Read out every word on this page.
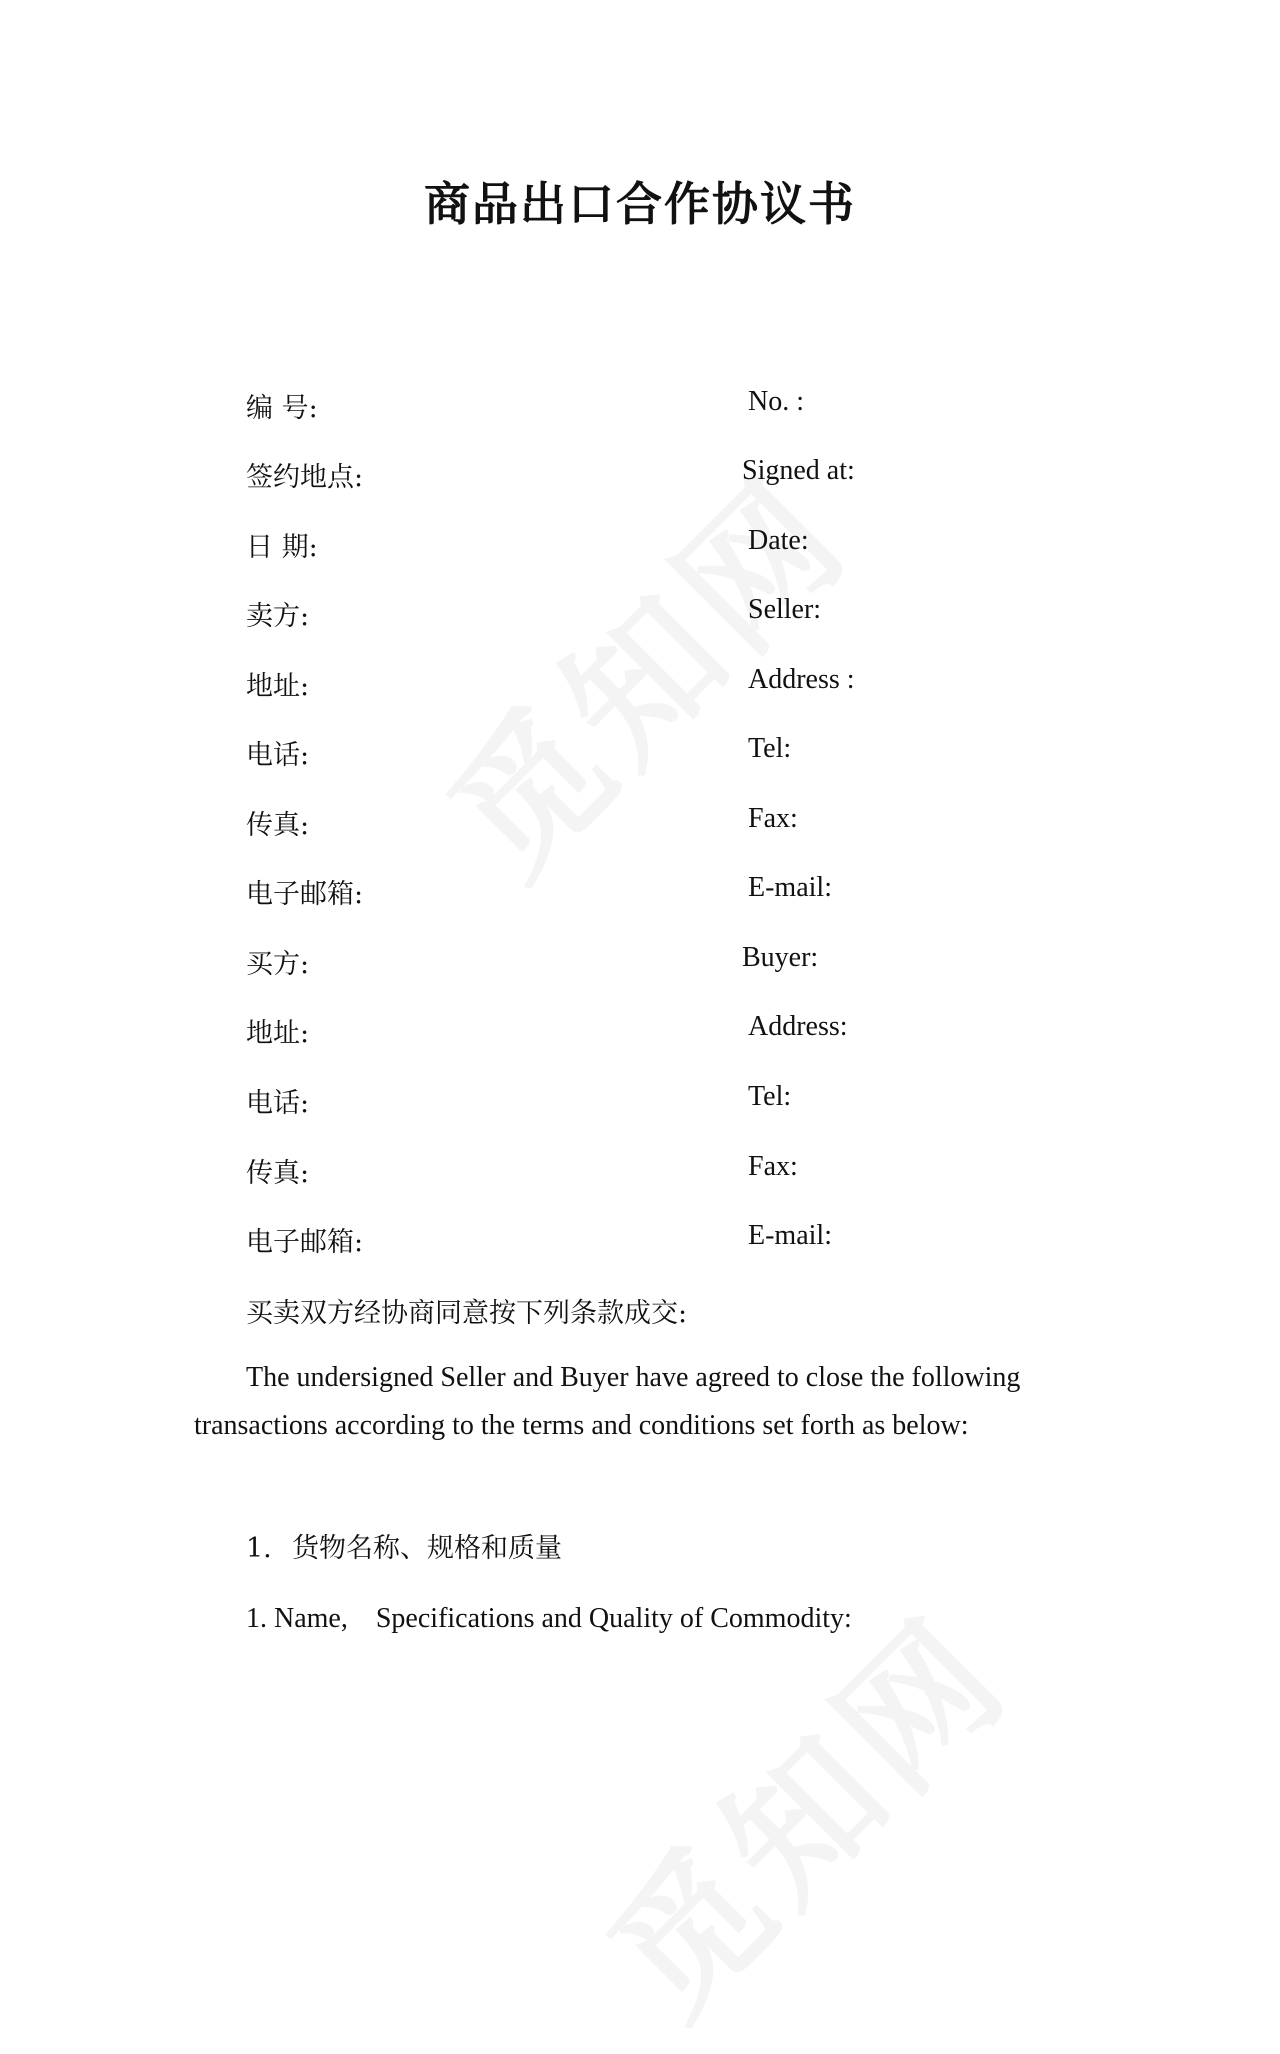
商品出口合作协议书
编 号:	No. :
签约地点:	Signed at:
日 期:	Date:
卖方:	Seller:
地址:	Address :
电话:	Tel:
传真:	Fax:
电子邮箱:	E-mail:
买方:	Buyer:
地址:	Address:
电话:	Tel:
传真:	Fax:
电子邮箱:	E-mail:
买卖双方经协商同意按下列条款成交:

The undersigned Seller and Buyer have agreed to close the following transactions according to the terms and conditions set forth as below:

1. 货物名称、规格和质量
1. Name,　Specifications and Quality of Commodity:
